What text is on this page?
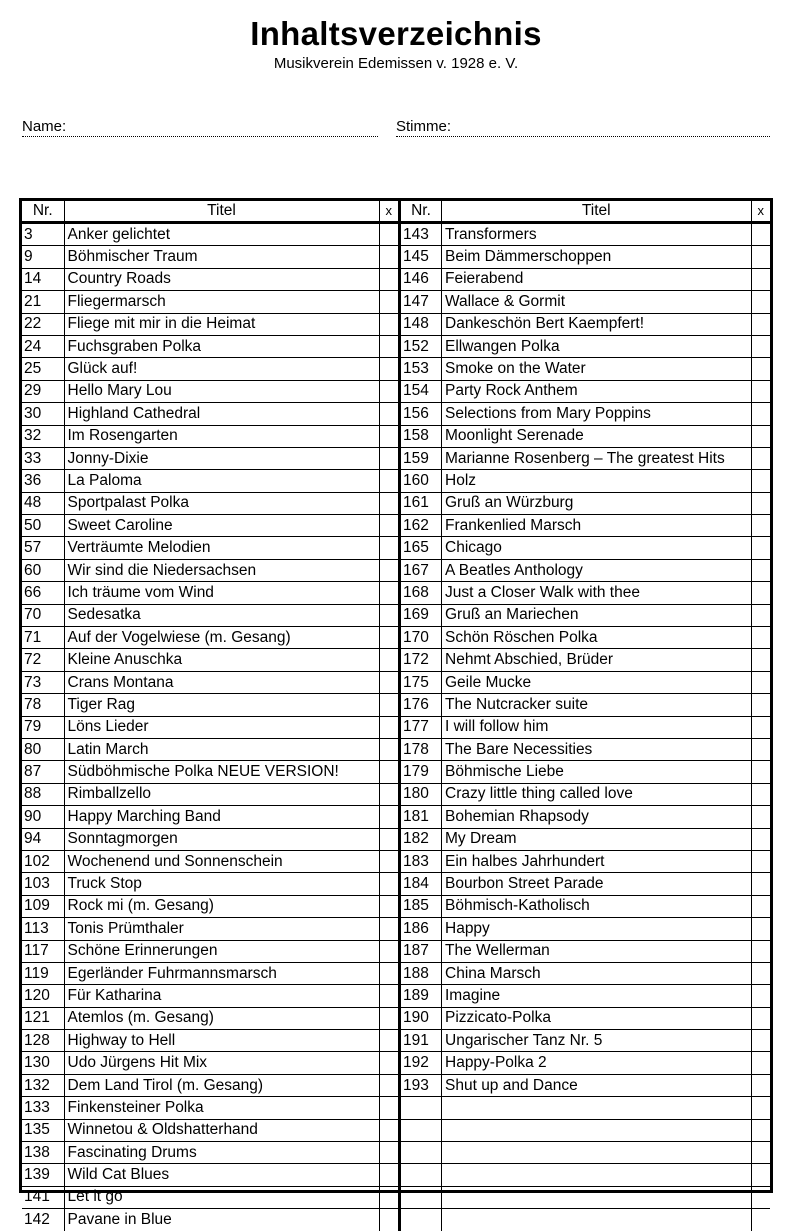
Inhaltsverzeichnis
Musikverein Edemissen v. 1928 e. V.
Name:	Stimme:
Nr.	Titel	x
3	Anker gelichtet	
9	Böhmischer Traum	
14	Country Roads	
21	Fliegermarsch	
22	Fliege mit mir in die Heimat	
24	Fuchsgraben Polka	
25	Glück auf!	
29	Hello Mary Lou	
30	Highland Cathedral	
32	Im Rosengarten	
33	Jonny-Dixie	
36	La Paloma	
48	Sportpalast Polka	
50	Sweet Caroline	
57	Verträumte Melodien	
60	Wir sind die Niedersachsen	
66	Ich träume vom Wind	
70	Sedesatka	
71	Auf der Vogelwiese (m. Gesang)	
72	Kleine Anuschka	
73	Crans Montana	
78	Tiger Rag	
79	Löns Lieder	
80	Latin March	
87	Südböhmische Polka NEUE VERSION!	
88	Rimballzello	
90	Happy Marching Band	
94	Sonntagmorgen	
102	Wochenend und Sonnenschein	
103	Truck Stop	
109	Rock mi (m. Gesang)	
113	Tonis Prümthaler	
117	Schöne Erinnerungen	
119	Egerländer Fuhrmannsmarsch	
120	Für Katharina	
121	Atemlos (m. Gesang)	
128	Highway to Hell	
130	Udo Jürgens Hit Mix	
132	Dem Land Tirol (m. Gesang)	
133	Finkensteiner Polka	
135	Winnetou & Oldshatterhand	
138	Fascinating Drums	
139	Wild Cat Blues	
141	Let it go	
142	Pavane in Blue	
Nr.	Titel	x
143	Transformers	
145	Beim Dämmerschoppen	
146	Feierabend	
147	Wallace & Gormit	
148	Dankeschön Bert Kaempfert!	
152	Ellwangen Polka	
153	Smoke on the Water	
154	Party Rock Anthem	
156	Selections from Mary Poppins	
158	Moonlight Serenade	
159	Marianne Rosenberg – The greatest Hits	
160	Holz	
161	Gruß an Würzburg	
162	Frankenlied Marsch	
165	Chicago	
167	A Beatles Anthology	
168	Just a Closer Walk with thee	
169	Gruß an Mariechen	
170	Schön Röschen Polka	
172	Nehmt Abschied, Brüder	
175	Geile Mucke	
176	The Nutcracker suite	
177	I will follow him	
178	The Bare Necessities	
179	Böhmische Liebe	
180	Crazy little thing called love	
181	Bohemian Rhapsody	
182	My Dream	
183	Ein halbes Jahrhundert	
184	Bourbon Street Parade	
185	Böhmisch-Katholisch	
186	Happy	
187	The Wellerman	
188	China Marsch	
189	Imagine	
190	Pizzicato-Polka	
191	Ungarischer Tanz Nr. 5	
192	Happy-Polka 2	
193	Shut up and Dance	
